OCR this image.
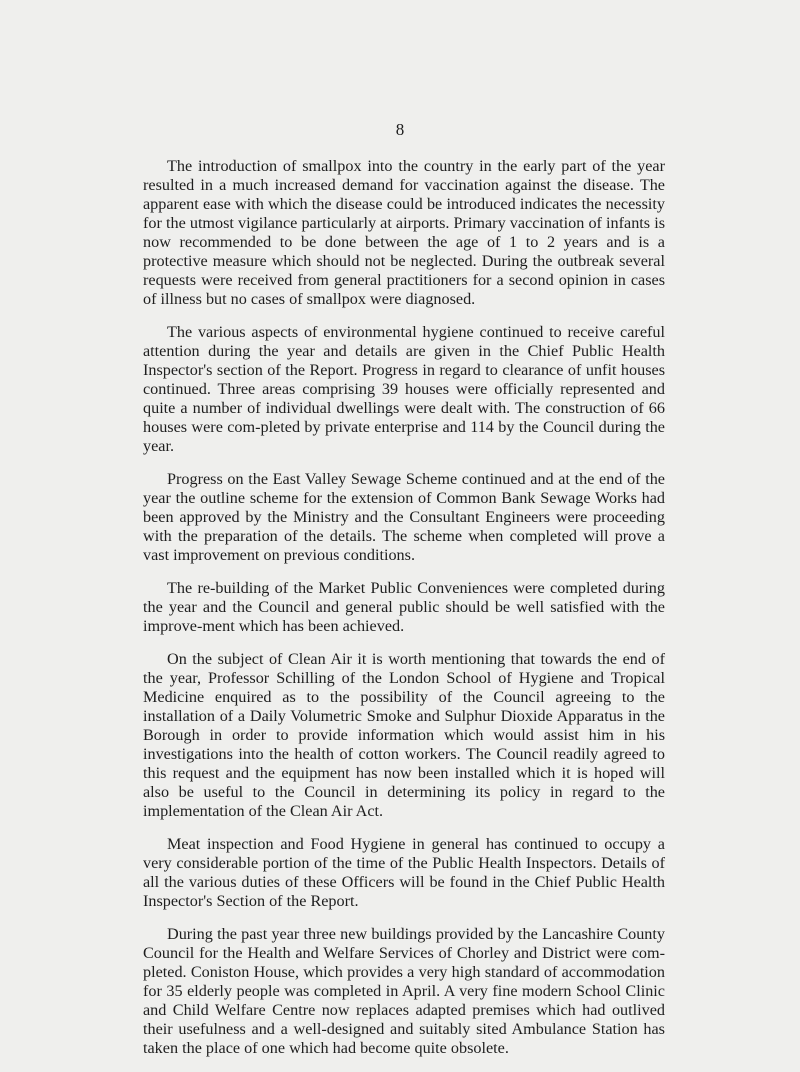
8

The introduction of smallpox into the country in the early part of the year resulted in a much increased demand for vaccination against the disease. The apparent ease with which the disease could be introduced indicates the necessity for the utmost vigilance particularly at airports. Primary vaccination of infants is now recommended to be done between the age of 1 to 2 years and is a protective measure which should not be neglected. During the outbreak several requests were received from general practitioners for a second opinion in cases of illness but no cases of smallpox were diagnosed.

The various aspects of environmental hygiene continued to receive careful attention during the year and details are given in the Chief Public Health Inspector's section of the Report. Progress in regard to clearance of unfit houses continued. Three areas comprising 39 houses were officially represented and quite a number of individual dwellings were dealt with. The construction of 66 houses were com-pleted by private enterprise and 114 by the Council during the year.

Progress on the East Valley Sewage Scheme continued and at the end of the year the outline scheme for the extension of Common Bank Sewage Works had been approved by the Ministry and the Consultant Engineers were proceeding with the preparation of the details. The scheme when completed will prove a vast improvement on previous conditions.

The re-building of the Market Public Conveniences were completed during the year and the Council and general public should be well satisfied with the improve-ment which has been achieved.

On the subject of Clean Air it is worth mentioning that towards the end of the year, Professor Schilling of the London School of Hygiene and Tropical Medicine enquired as to the possibility of the Council agreeing to the installation of a Daily Volumetric Smoke and Sulphur Dioxide Apparatus in the Borough in order to provide information which would assist him in his investigations into the health of cotton workers. The Council readily agreed to this request and the equipment has now been installed which it is hoped will also be useful to the Council in determining its policy in regard to the implementation of the Clean Air Act.

Meat inspection and Food Hygiene in general has continued to occupy a very considerable portion of the time of the Public Health Inspectors. Details of all the various duties of these Officers will be found in the Chief Public Health Inspector's Section of the Report.

During the past year three new buildings provided by the Lancashire County Council for the Health and Welfare Services of Chorley and District were com-pleted. Coniston House, which provides a very high standard of accommodation for 35 elderly people was completed in April. A very fine modern School Clinic and Child Welfare Centre now replaces adapted premises which had outlived their usefulness and a well-designed and suitably sited Ambulance Station has taken the place of one which had become quite obsolete.
